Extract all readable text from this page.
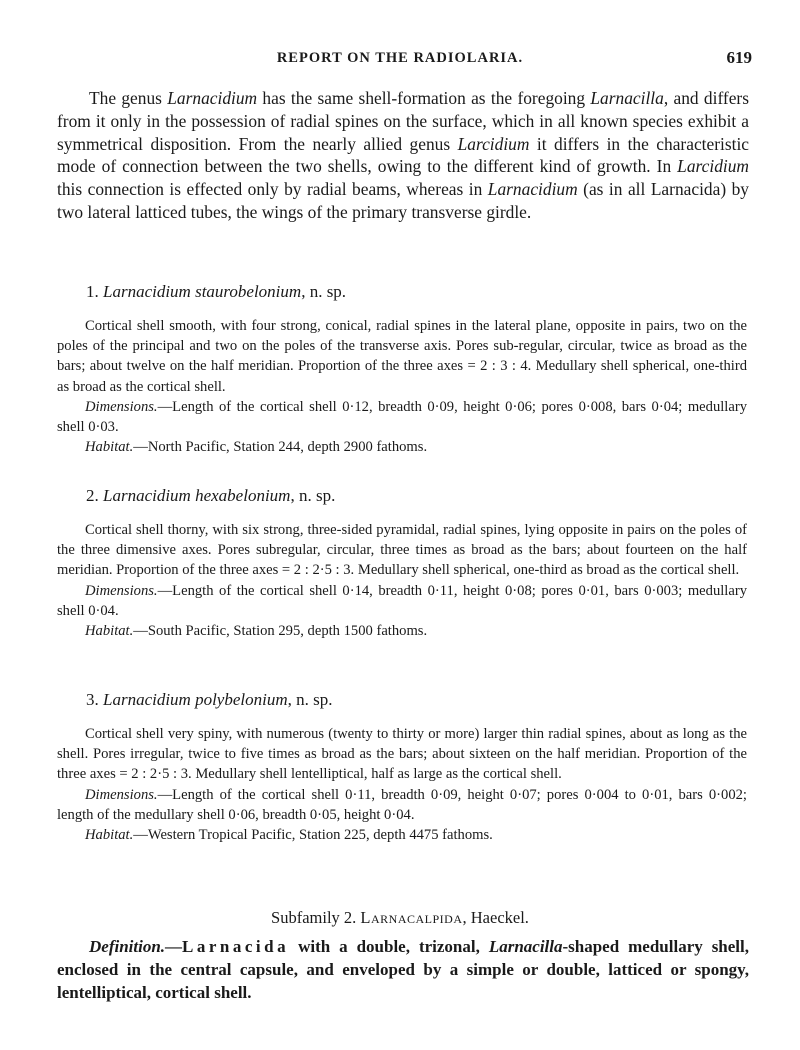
REPORT ON THE RADIOLARIA.	619

The genus Larnacidium has the same shell-formation as the foregoing Larnacilla, and differs from it only in the possession of radial spines on the surface, which in all known species exhibit a symmetrical disposition. From the nearly allied genus Larcidium it differs in the characteristic mode of connection between the two shells, owing to the different kind of growth. In Larcidium this connection is effected only by radial beams, whereas in Larnacidium (as in all Larnacida) by two lateral latticed tubes, the wings of the primary transverse girdle.

1. Larnacidium staurobelonium, n. sp.

Cortical shell smooth, with four strong, conical, radial spines in the lateral plane, opposite in pairs, two on the poles of the principal and two on the poles of the transverse axis. Pores sub-regular, circular, twice as broad as the bars; about twelve on the half meridian. Proportion of the three axes = 2 : 3 : 4. Medullary shell spherical, one-third as broad as the cortical shell.

Dimensions.—Length of the cortical shell 0·12, breadth 0·09, height 0·06; pores 0·008, bars 0·04; medullary shell 0·03.

Habitat.—North Pacific, Station 244, depth 2900 fathoms.

2. Larnacidium hexabelonium, n. sp.

Cortical shell thorny, with six strong, three-sided pyramidal, radial spines, lying opposite in pairs on the poles of the three dimensive axes. Pores subregular, circular, three times as broad as the bars; about fourteen on the half meridian. Proportion of the three axes = 2 : 2·5 : 3. Medullary shell spherical, one-third as broad as the cortical shell.

Dimensions.—Length of the cortical shell 0·14, breadth 0·11, height 0·08; pores 0·01, bars 0·003; medullary shell 0·04.

Habitat.—South Pacific, Station 295, depth 1500 fathoms.

3. Larnacidium polybelonium, n. sp.

Cortical shell very spiny, with numerous (twenty to thirty or more) larger thin radial spines, about as long as the shell. Pores irregular, twice to five times as broad as the bars; about sixteen on the half meridian. Proportion of the three axes = 2 : 2·5 : 3. Medullary shell lentelliptical, half as large as the cortical shell.

Dimensions.—Length of the cortical shell 0·11, breadth 0·09, height 0·07; pores 0·004 to 0·01, bars 0·002; length of the medullary shell 0·06, breadth 0·05, height 0·04.

Habitat.—Western Tropical Pacific, Station 225, depth 4475 fathoms.

Subfamily 2. Larnacalpida, Haeckel.

Definition.—Larnacida with a double, trizonal, Larnacilla-shaped medullary shell, enclosed in the central capsule, and enveloped by a simple or double, latticed or spongy, lentelliptical, cortical shell.
